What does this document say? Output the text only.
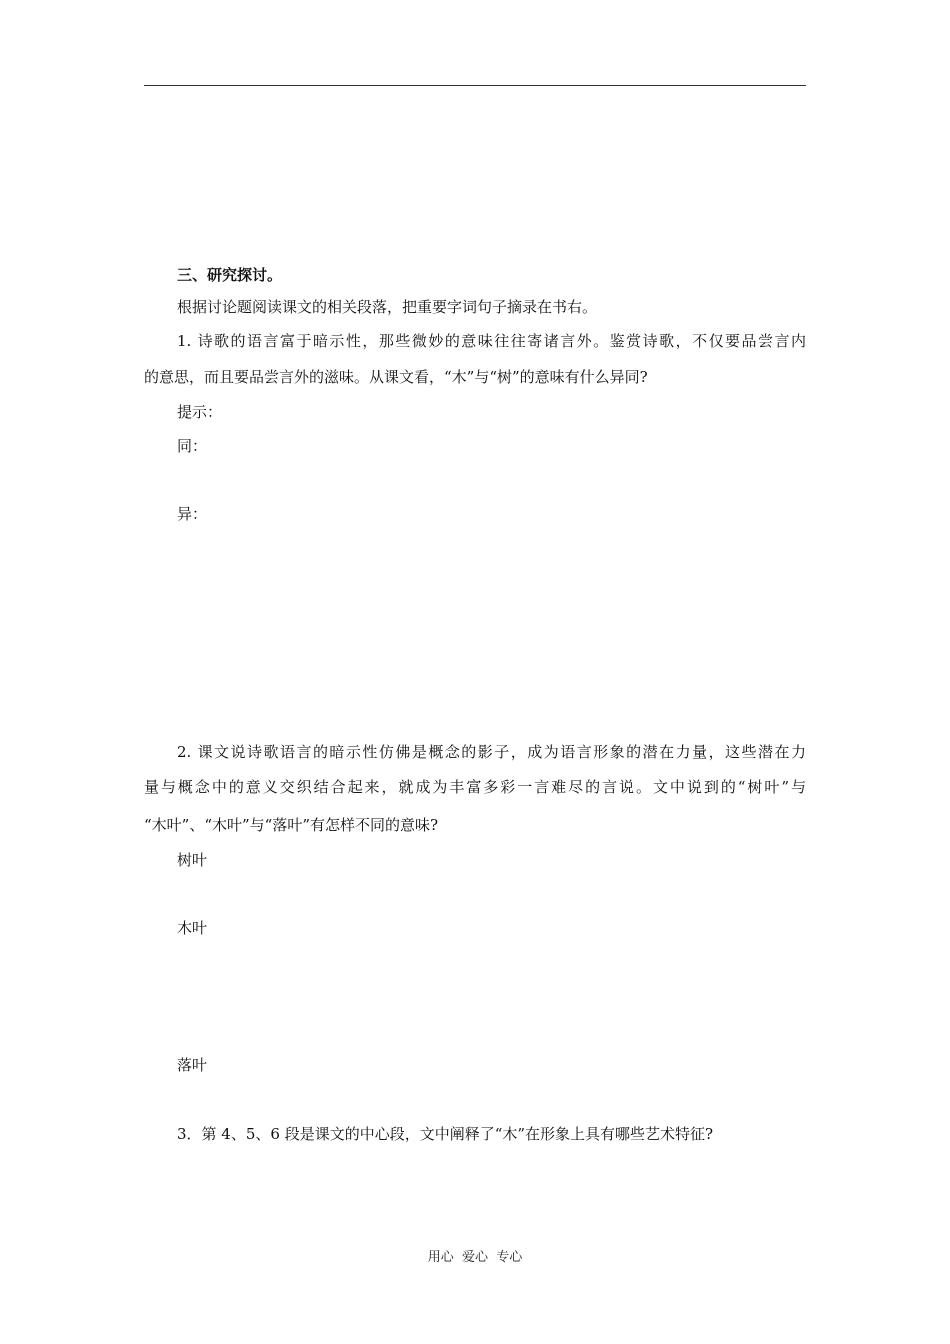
三、研究探讨。
根据讨论题阅读课文的相关段落，把重要字词句子摘录在书右。
1. 诗歌的语言富于暗示性，那些微妙的意味往往寄诸言外。鉴赏诗歌，不仅要品尝言内
的意思，而且要品尝言外的滋味。从课文看，“木”与“树”的意味有什么异同?
提示：
同：
异：
2. 课文说诗歌语言的暗示性仿佛是概念的影子，成为语言形象的潜在力量，这些潜在力
量与概念中的意义交织结合起来，就成为丰富多彩一言难尽的言说。文中说到的“树叶”与
“木叶”、“木叶”与“落叶”有怎样不同的意味?
树叶
木叶
落叶
3．第 4、5、6 段是课文的中心段，文中阐释了“木”在形象上具有哪些艺术特征?
用心  爱心  专心
